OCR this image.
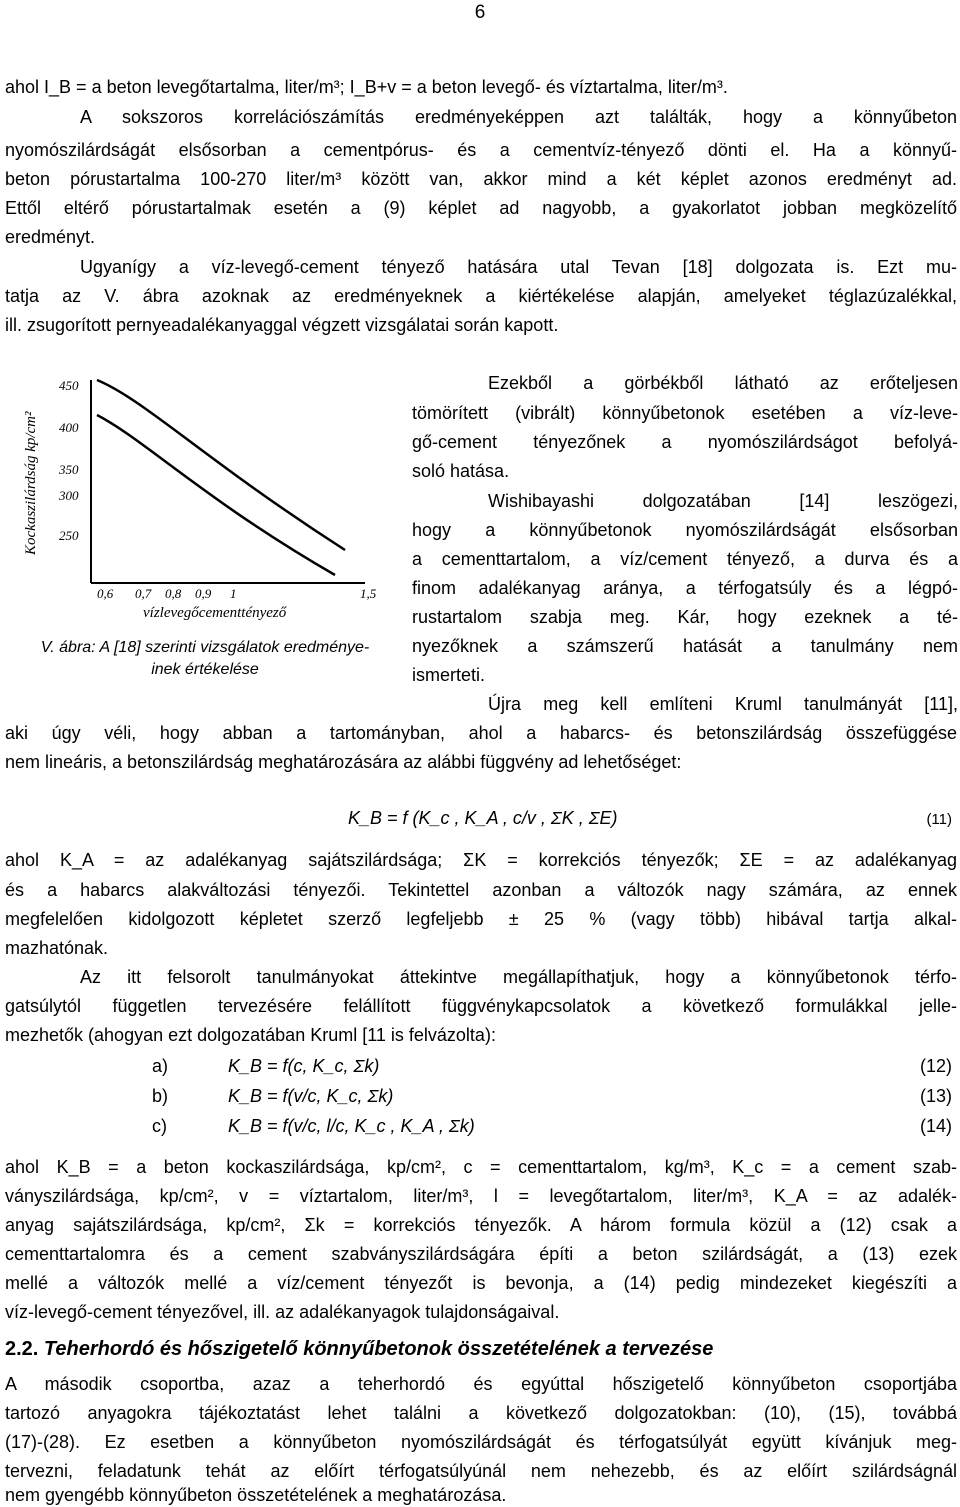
6
ahol I_B = a beton levegőtartalma, liter/m³; I_B+v = a beton levegő- és víztartalma, liter/m³.
A sokszoros korrelációszámítás eredményeképpen azt találták, hogy a könnyűbeton
nyomószilárdságát elsősorban a cementpórus- és a cementvíz-tényező dönti el. Ha a könnyű-
beton pórustartalma 100-270 liter/m³ között van, akkor mind a két képlet azonos eredményt ad.
Ettől eltérő pórustartalmak esetén a (9) képlet ad nagyobb, a gyakorlatot jobban megközelítő
eredményt.
Ugyanígy a víz-levegő-cement tényező hatására utal Tevan [18] dolgozata is. Ezt mu-
tatja az V. ábra azoknak az eredményeknek a kiértékelése alapján, amelyeket téglazúzalékkal,
ill. zsugorított pernyeadalékanyaggal végzett vizsgálatai során kapott.
Kockaszilárdság kp/cm²
450
400
350
300
250
0,6 0,7 0,8 0,9 1	1,5
vízlevegőcementtényező
V. ábra: A [18] szerinti vizsgálatok eredménye-
inek értékelése
Ezekből a görbékből látható az erőteljesen
tömörített (vibrált) könnyűbetonok esetében a víz-leve-
gő-cement tényezőnek a nyomószilárdságot befolyá-
soló hatása.
Wishibayashi dolgozatában [14] leszögezi,
hogy a könnyűbetonok nyomószilárdságát elsősorban
a cementtartalom, a víz/cement tényező, a durva és a
finom adalékanyag aránya, a térfogatsúly és a légpó-
rustartalom szabja meg. Kár, hogy ezeknek a té-
nyezőknek a számszerű hatását a tanulmány nem
ismerteti.
Újra meg kell említeni Kruml tanulmányát [11],
aki úgy véli, hogy abban a tartományban, ahol a habarcs- és betonszilárdság összefüggése
nem lineáris, a betonszilárdság meghatározására az alábbi függvény ad lehetőséget:
K_B = f (K_c , K_A , c/v , ΣK , ΣE)	(11)
ahol K_A = az adalékanyag sajátszilárdsága; ΣK = korrekciós tényezők; ΣE = az adalékanyag
és a habarcs alakváltozási tényezői. Tekintettel azonban a változók nagy számára, az ennek
megfelelően kidolgozott képletet szerző legfeljebb ± 25 % (vagy több) hibával tartja alkal-
mazhatónak.
Az itt felsorolt tanulmányokat áttekintve megállapíthatjuk, hogy a könnyűbetonok térfo-
gatsúlytól független tervezésére felállított függvénykapcsolatok a következő formulákkal jelle-
mezhetők (ahogyan ezt dolgozatában Kruml [11 is felvázolta):
a)	K_B = f(c, K_c, Σk)	(12)
b)	K_B = f(v/c, K_c, Σk)	(13)
c)	K_B = f(v/c, l/c, K_c , K_A , Σk)	(14)
ahol K_B = a beton kockaszilárdsága, kp/cm², c = cementtartalom, kg/m³, K_c = a cement szab-
ványszilárdsága, kp/cm², v = víztartalom, liter/m³, l = levegőtartalom, liter/m³, K_A = az adalék-
anyag sajátszilárdsága, kp/cm², Σk = korrekciós tényezők. A három formula közül a (12) csak a
cementtartalomra és a cement szabványszilárdságára építi a beton szilárdságát, a (13) ezek
mellé a változók mellé a víz/cement tényezőt is bevonja, a (14) pedig mindezeket kiegészíti a
víz-levegő-cement tényezővel, ill. az adalékanyagok tulajdonságaival.
2.2. Teherhordó és hőszigetelő könnyűbetonok összetételének a tervezése
A második csoportba, azaz a teherhordó és egyúttal hőszigetelő könnyűbeton csoportjába
tartozó anyagokra tájékoztatást lehet találni a következő dolgozatokban: (10), (15), továbbá
(17)-(28). Ez esetben a könnyűbeton nyomószilárdságát és térfogatsúlyát együtt kívánjuk meg-
tervezni, feladatunk tehát az előírt térfogatsúlyúnál nem nehezebb, és az előírt szilárdságnál
nem gyengébb könnyűbeton összetételének a meghatározása.
